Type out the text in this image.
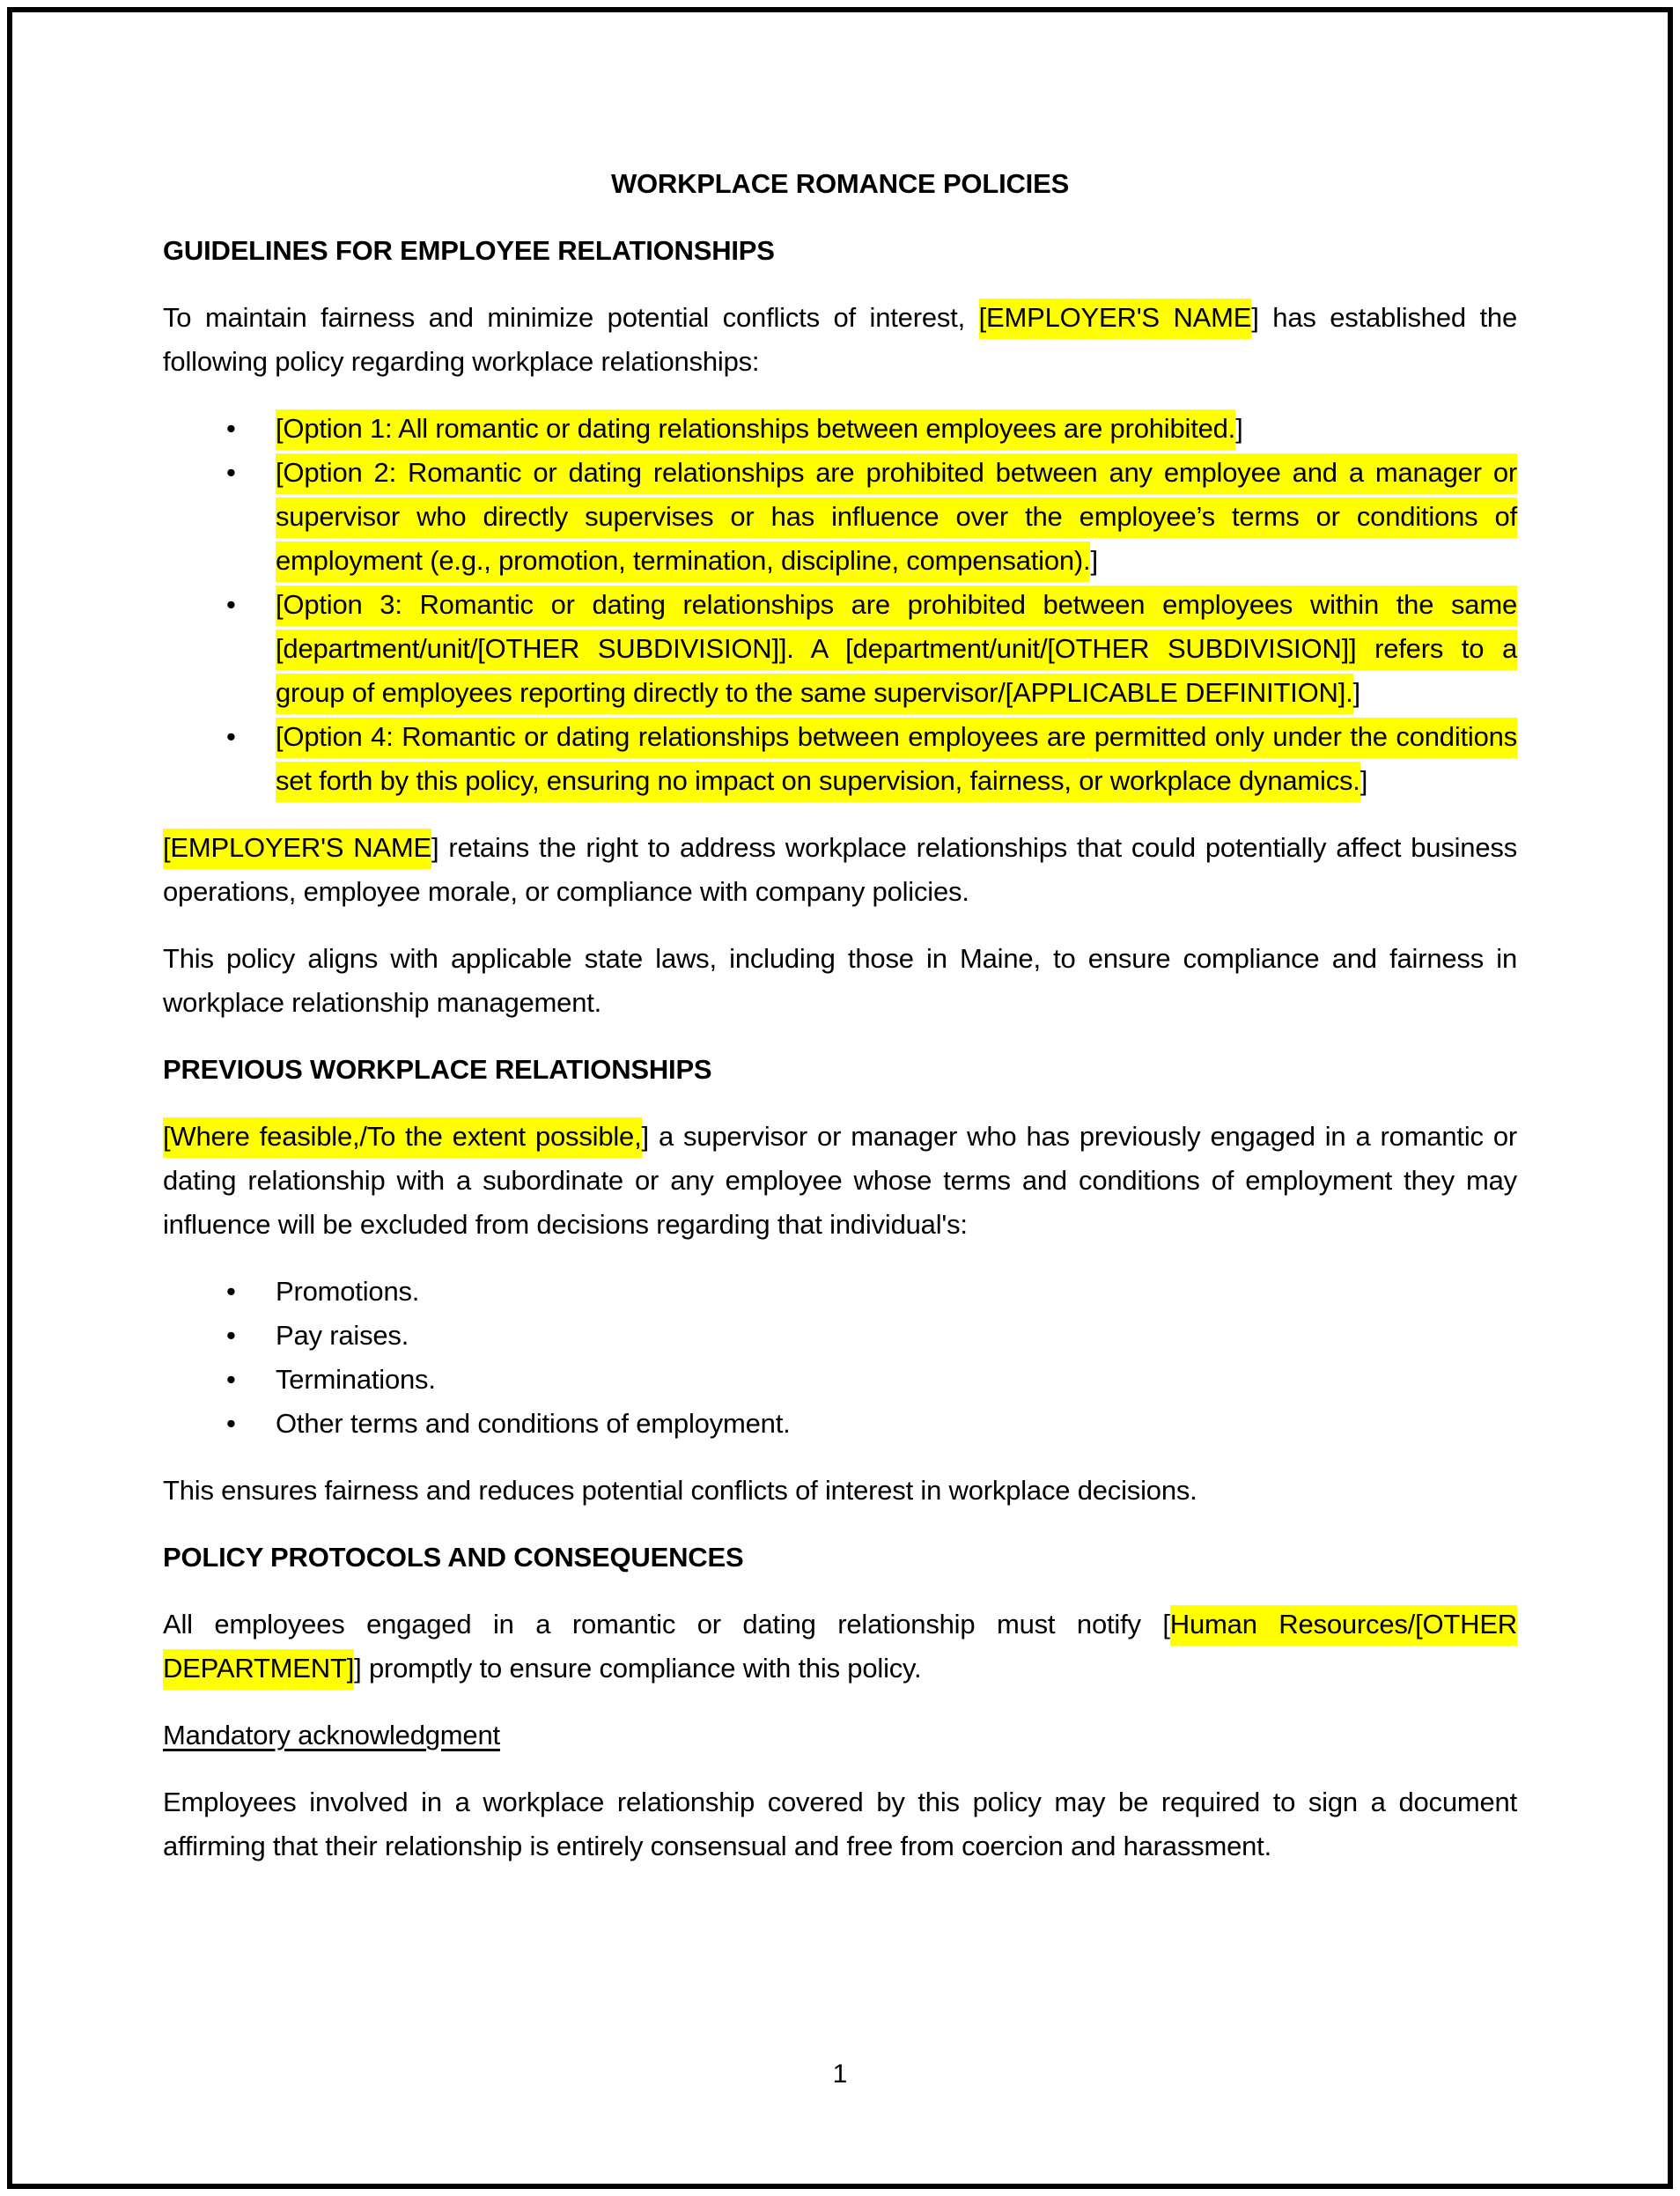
WORKPLACE ROMANCE POLICIES

GUIDELINES FOR EMPLOYEE RELATIONSHIPS

To maintain fairness and minimize potential conflicts of interest, [EMPLOYER'S NAME] has established the following policy regarding workplace relationships:

• [Option 1: All romantic or dating relationships between employees are prohibited.]
• [Option 2: Romantic or dating relationships are prohibited between any employee and a manager or supervisor who directly supervises or has influence over the employee’s terms or conditions of employment (e.g., promotion, termination, discipline, compensation).]
• [Option 3: Romantic or dating relationships are prohibited between employees within the same [department/unit/[OTHER SUBDIVISION]]. A [department/unit/[OTHER SUBDIVISION]] refers to a group of employees reporting directly to the same supervisor/[APPLICABLE DEFINITION].]
• [Option 4: Romantic or dating relationships between employees are permitted only under the conditions set forth by this policy, ensuring no impact on supervision, fairness, or workplace dynamics.]

[EMPLOYER'S NAME] retains the right to address workplace relationships that could potentially affect business operations, employee morale, or compliance with company policies.

This policy aligns with applicable state laws, including those in Maine, to ensure compliance and fairness in workplace relationship management.

PREVIOUS WORKPLACE RELATIONSHIPS

[Where feasible,/To the extent possible,] a supervisor or manager who has previously engaged in a romantic or dating relationship with a subordinate or any employee whose terms and conditions of employment they may influence will be excluded from decisions regarding that individual's:

• Promotions.
• Pay raises.
• Terminations.
• Other terms and conditions of employment.

This ensures fairness and reduces potential conflicts of interest in workplace decisions.

POLICY PROTOCOLS AND CONSEQUENCES

All employees engaged in a romantic or dating relationship must notify [Human Resources/[OTHER DEPARTMENT]] promptly to ensure compliance with this policy.

Mandatory acknowledgment

Employees involved in a workplace relationship covered by this policy may be required to sign a document affirming that their relationship is entirely consensual and free from coercion and harassment.

1
